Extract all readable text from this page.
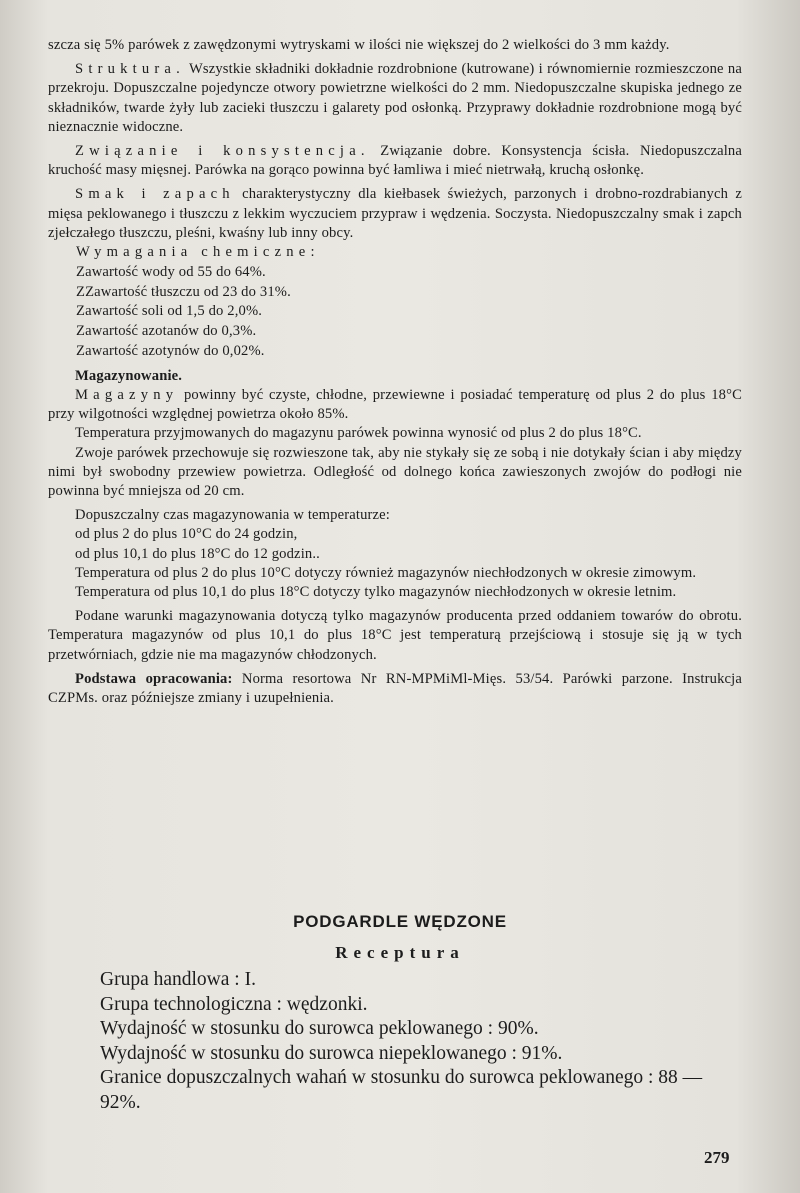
szcza się 5% parówek z zawędzonymi wytryskami w ilości nie większej do 2 wielkości do 3 mm każdy.

Struktura. Wszystkie składniki dokładnie rozdrobnione (kutrowane) i równomiernie rozmieszczone na przekroju. Dopuszczalne pojedyncze otwory powietrzne wielkości do 2 mm. Niedopuszczalne skupiska jednego ze składników, twarde żyły lub zacieki tłuszczu i galarety pod osłonką. Przyprawy dokładnie rozdrobnione mogą być nieznacznie widoczne.

Związanie i konsystencja. Związanie dobre. Konsystencja ścisła. Niedopuszczalna kruchość masy mięsnej. Parówka na gorąco powinna być łamliwa i mieć nietrwałą, kruchą osłonkę.

Smak i zapach charakterystyczny dla kiełbasek świeżych, parzonych i drobno-rozdrabianych z mięsa peklowanego i tłuszczu z lekkim wyczuciem przypraw i wędzenia. Soczysta. Niedopuszczalny smak i zapch zjełczałego tłuszczu, pleśni, kwaśny lub inny obcy.

Wymagania chemiczne:
Zawartość wody od 55 do 64%.
ZZawartość tłuszczu od 23 do 31%.
Zawartość soli od 1,5 do 2,0%.
Zawartość azotanów do 0,3%.
Zawartość azotynów do 0,02%.

Magazynowanie.

Magazyny powinny być czyste, chłodne, przewiewne i posiadać temperaturę od plus 2 do plus 18°C przy wilgotności względnej powietrza około 85%.

Temperatura przyjmowanych do magazynu parówek powinna wynosić od plus 2 do plus 18°C.

Zwoje parówek przechowuje się rozwieszone tak, aby nie stykały się ze sobą i nie dotykały ścian i aby między nimi był swobodny przewiew powietrza. Odległość od dolnego końca zawieszonych zwojów do podłogi nie powinna być mniejsza od 20 cm.

Dopuszczalny czas magazynowania w temperaturze:

od plus 2 do plus 10°C do 24 godzin,

od plus 10,1 do plus 18°C do 12 godzin..

Temperatura od plus 2 do plus 10°C dotyczy również magazynów niechłodzonych w okresie zimowym.

Temperatura od plus 10,1 do plus 18°C dotyczy tylko magazynów niechłodzonych w okresie letnim.

Podane warunki magazynowania dotyczą tylko magazynów producenta przed oddaniem towarów do obrotu. Temperatura magazynów od plus 10,1 do plus 18°C jest temperaturą przejściową i stosuje się ją w tych przetwórniach, gdzie nie ma magazynów chłodzonych.

Podstawa opracowania: Norma resortowa Nr RN-MPMiMl-Mięs. 53/54. Parówki parzone. Instrukcja CZPMs. oraz późniejsze zmiany i uzupełnienia.

PODGARDLE WĘDZONE
Receptura

Grupa handlowa : I.

Grupa technologiczna : wędzonki.

Wydajność w stosunku do surowca peklowanego : 90%.

Wydajność w stosunku do surowca niepeklowanego : 91%.

Granice dopuszczalnych wahań w stosunku do surowca peklowanego : 88 — 92%.

279
